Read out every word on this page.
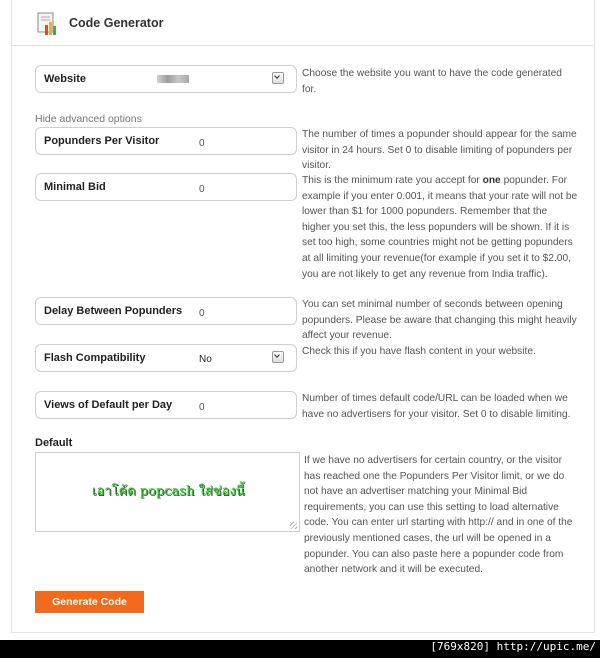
Code Generator
Website	Choose the website you want to have the code generated for.
Hide advanced options
Popunders Per Visitor	0
The number of times a popunder should appear for the same visitor in 24 hours. Set 0 to disable limiting of popunders per visitor.
Minimal Bid	0
This is the minimum rate you accept for one popunder. For example if you enter 0.001, it means that your rate will not be lower than $1 for 1000 popunders. Remember that the higher you set this, the less popunders will be shown. If it is set too high, some countries might not be getting popunders at all limiting your revenue(for example if you set it to $2.00, you are not likely to get any revenue from India traffic).
Delay Between Popunders 0
You can set minimal number of seconds between opening popunders. Please be aware that changing this might heavily affect your revenue.
Flash Compatibility	No
Check this if you have flash content in your website.
Views of Default per Day	0
Number of times default code/URL can be loaded when we have no advertisers for your visitor. Set 0 to disable limiting.
Default
เอาโค้ด popcash ใส่ช่องนี้
If we have no advertisers for certain country, or the visitor has reached one the Popunders Per Visitor limit, or we do not have an advertiser matching your Minimal Bid requirements, you can use this setting to load alternative code. You can enter url starting with http:// and in one of the previously mentioned cases, the url will be opened in a popunder. You can also paste here a popunder code from another network and it will be executed.
Generate Code
[769x820] http://upic.me/
